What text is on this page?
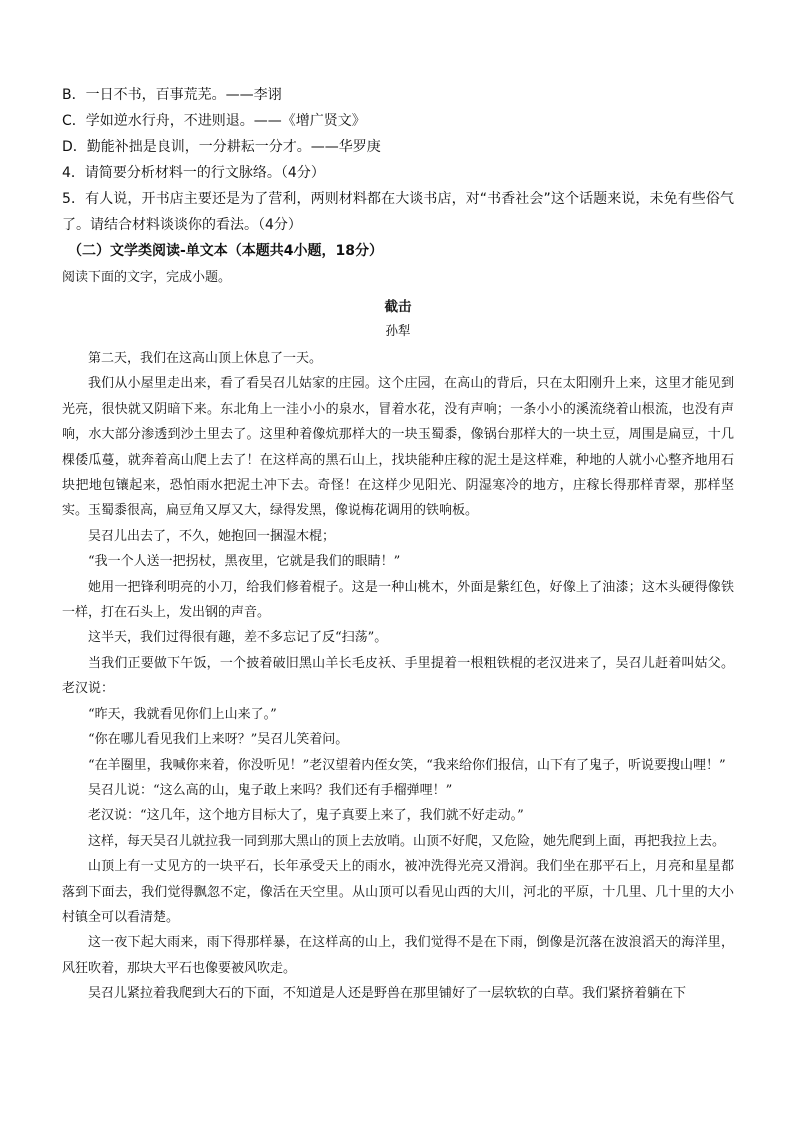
B．一日不书，百事荒芜。——李诩

C．学如逆水行舟，不进则退。——《增广贤文》

D．勤能补拙是良训，一分耕耘一分才。——华罗庚

4．请简要分析材料一的行文脉络。（4分）

5．有人说，开书店主要还是为了营利，两则材料都在大谈书店，对“书香社会”这个话题来说，未免有些俗气了。请结合材料谈谈你的看法。（4分）

（二）文学类阅读-单文本（本题共4小题，18分）

阅读下面的文字，完成小题。

截击

孙犁

第二天，我们在这高山顶上休息了一天。

我们从小屋里走出来，看了看吴召儿姑家的庄园。这个庄园，在高山的背后，只在太阳刚升上来，这里才能见到光亮，很快就又阴暗下来。东北角上一洼小小的泉水，冒着水花，没有声响；一条小小的溪流绕着山根流，也没有声响，水大部分渗透到沙土里去了。这里种着像炕那样大的一块玉蜀黍，像锅台那样大的一块土豆，周围是扁豆，十几棵倭瓜蔓，就奔着高山爬上去了！在这样高的黑石山上，找块能种庄稼的泥土是这样难，种地的人就小心整齐地用石块把地包镶起来，恐怕雨水把泥土冲下去。奇怪！在这样少见阳光、阴湿寒冷的地方，庄稼长得那样青翠，那样坚实。玉蜀黍很高，扁豆角又厚又大，绿得发黑，像说梅花调用的铁响板。

吴召儿出去了，不久，她抱回一捆湿木棍；

“我一个人送一把拐杖，黑夜里，它就是我们的眼睛！”

她用一把锋利明亮的小刀，给我们修着棍子。这是一种山桃木，外面是紫红色，好像上了油漆；这木头硬得像铁一样，打在石头上，发出钢的声音。

这半天，我们过得很有趣，差不多忘记了反“扫荡”。

当我们正要做下午饭，一个披着破旧黑山羊长毛皮袄、手里提着一根粗铁棍的老汉进来了，吴召儿赶着叫姑父。老汉说：

“昨天，我就看见你们上山来了。”

“你在哪儿看见我们上来呀？”吴召儿笑着问。

“在羊圈里，我喊你来着，你没听见！”老汉望着内侄女笑，“我来给你们报信，山下有了鬼子，听说要搜山哩！”

吴召儿说：“这么高的山，鬼子敢上来吗？我们还有手榴弹哩！”

老汉说：“这几年，这个地方目标大了，鬼子真要上来了，我们就不好走动。”

这样，每天吴召儿就拉我一同到那大黑山的顶上去放哨。山顶不好爬，又危险，她先爬到上面，再把我拉上去。

山顶上有一丈见方的一块平石，长年承受天上的雨水，被冲洗得光亮又滑润。我们坐在那平石上，月亮和星星都落到下面去，我们觉得飘忽不定，像活在天空里。从山顶可以看见山西的大川，河北的平原，十几里、几十里的大小村镇全可以看清楚。

这一夜下起大雨来，雨下得那样暴，在这样高的山上，我们觉得不是在下雨，倒像是沉落在波浪滔天的海洋里，风狂吹着，那块大平石也像要被风吹走。

吴召儿紧拉着我爬到大石的下面，不知道是人还是野兽在那里铺好了一层软软的白草。我们紧挤着躺在下
